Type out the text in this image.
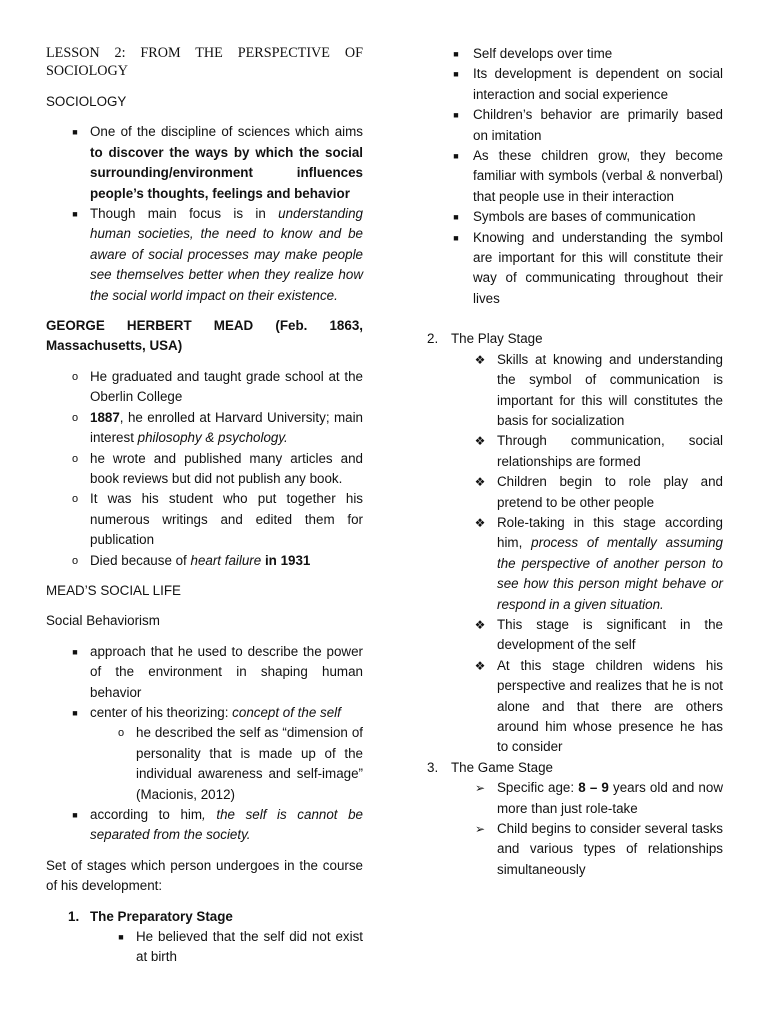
LESSON 2: FROM THE PERSPECTIVE OF SOCIOLOGY

SOCIOLOGY

■ One of the discipline of sciences which aims to discover the ways by which the social surrounding/environment influences people’s thoughts, feelings and behavior
■ Though main focus is in understanding human societies, the need to know and be aware of social processes may make people see themselves better when they realize how the social world impact on their existence.

GEORGE HERBERT MEAD (Feb. 1863, Massachusetts, USA)

o He graduated and taught grade school at the Oberlin College
o 1887, he enrolled at Harvard University; main interest philosophy & psychology.
o he wrote and published many articles and book reviews but did not publish any book.
o It was his student who put together his numerous writings and edited them for publication
o Died because of heart failure in 1931

MEAD’S SOCIAL LIFE

Social Behaviorism

■ approach that he used to describe the power of the environment in shaping human behavior
■ center of his theorizing: concept of the self
o he described the self as “dimension of personality that is made up of the individual awareness and self-image” (Macionis, 2012)
■ according to him, the self is cannot be separated from the society.

Set of stages which person undergoes in the course of his development:

1. The Preparatory Stage
■ He believed that the self did not exist at birth
■	Self develops over time
■	Its development is dependent on social interaction and social experience
■	Children’s behavior are primarily based on imitation
■	As these children grow, they become familiar with symbols (verbal & nonverbal) that people use in their interaction
■	Symbols are bases of communication
■	Knowing and understanding the symbol are important for this will constitute their way of communicating throughout their lives
2. The Play Stage
❖ Skills at knowing and understanding the symbol of communication is important for this will constitutes the basis for socialization
❖ Through communication, social relationships are formed
❖ Children begin to role play and pretend to be other people
❖ Role-taking in this stage according him, process of mentally assuming the perspective of another person to see how this person might behave or respond in a given situation.
❖ This stage is significant in the development of the self
❖ At this stage children widens his perspective and realizes that he is not alone and that there are others around him whose presence he has to consider
3. The Game Stage
➢ Specific age: 8 – 9 years old and now more than just role-take
➢ Child begins to consider several tasks and various types of relationships simultaneously
